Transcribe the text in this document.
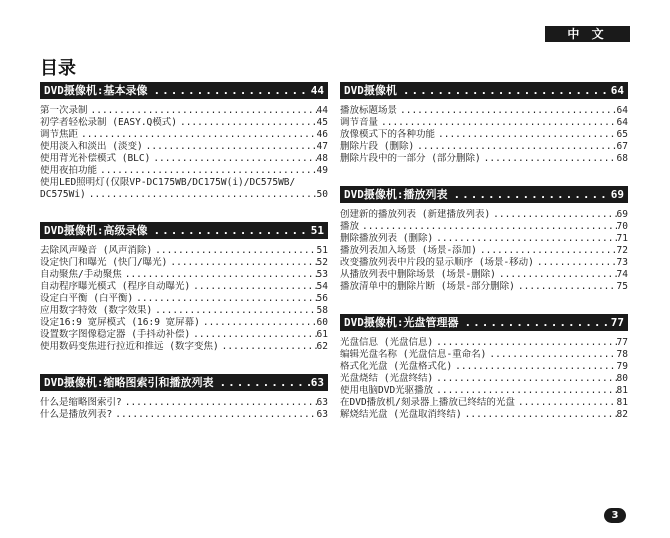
中 文
目录
DVD摄像机:基本录像 .....	44
第一次录制 .....	44
初学者轻松录制 (EASY.Q模式) .....	45
调节焦距 .....	46
使用淡入和淡出 (淡变) .....	47
使用背光补偿模式 (BLC) .....	48
使用夜拍功能 .....	49
使用LED照明灯(仅限VP-DC175WB/DC175W(i)/DC575WB/
DC575Wi) .....	50
DVD摄像机:高级录像 .....	51
去除风声噪音 (风声消除) .....	51
设定快门和曝光 (快门/曝光) .....	52
自动聚焦/手动聚焦 .....	53
自动程序曝光模式 (程序自动曝光) .....	54
设定白平衡 (白平衡) .....	56
应用数字特效 (数字效果) .....	58
设定16:9 宽屏模式 (16:9 宽屏幕) .....	60
设置数字图像稳定器 (手抖动补偿) .....	61
使用数码变焦进行拉近和推远 (数字变焦) .....	62
DVD摄像机:缩略图索引和播放列表 .....	63
什么是缩略图索引? .....	63
什么是播放列表? .....	63
DVD摄像机 .....	64
播放标题场景 .....	64
调节音量 .....	64
放像模式下的各种功能 .....	65
删除片段 (删除) .....	67
删除片段中的一部分 (部分删除) .....	68
DVD摄像机:播放列表 .....	69
创建新的播放列表 (新建播放列表) .....	69
播放 .....	70
删除播放列表 (删除) .....	71
播放列表加入场景 (场景-添加) .....	72
改变播放列表中片段的显示顺序 (场景-移动) .....	73
从播放列表中删除场景 (场景-删除) .....	74
播放清单中的删除片断 (场景-部分删除) .....	75
DVD摄像机:光盘管理器 .....	77
光盘信息 (光盘信息) .....	77
编辑光盘名称 (光盘信息-重命名) .....	78
格式化光盘 (光盘格式化) .....	79
光盘烧结 (光盘终结) .....	80
使用电脑DVD光驱播放 .....	81
在DVD播放机/刻录器上播放已终结的光盘 .....	81
解烧结光盘 (光盘取消终结) .....	82
3
